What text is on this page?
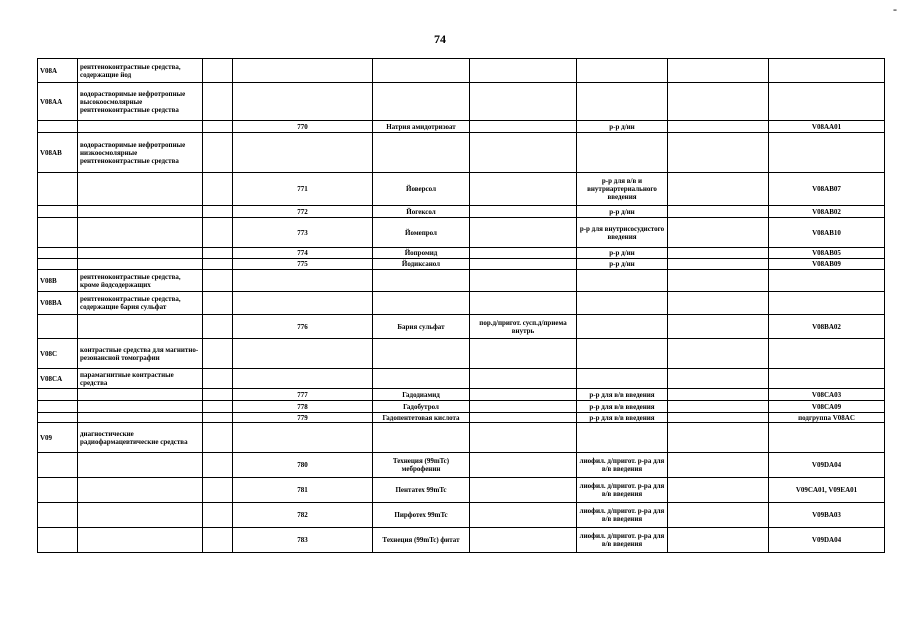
74
-
V08A	рентгеноконтрастные средства, содержащие йод								
V08AA	водорастворимые нефротропные высокоосмолярные рентгеноконтрастные средства								
			770	Натрия амидотризоат		р-р д/ин		V08AA01	
V08AB	водорастворимые нефротропные низкоосмолярные рентгеноконтрастные средства								
			771	Йоверсол		р-р для в/в и внутриартериального введения		V08AB07	
			772	Йогексол		р-р д/ин		V08AB02	
			773	Йомепрол		р-р для внутрисосудистого введения		V08AB10	
			774	Йопромид		р-р д/ин		V08AB05	
			775	Йодиксанол		р-р д/ин		V08AB09	
V08B	рентгеноконтрастные средства, кроме йодсодержащих								
V08BA	рентгеноконтрастные средства, содержащие бария сульфат								
			776	Бария сульфат	пор.д/пригот. сусп.д/приема внутрь			V08BA02	
V08C	контрастные средства для магнитно-резонансной томографии								
V08CA	парамагнитные контрастные средства								
			777	Гадодиамид		р-р для в/в введения		V08CA03	
			778	Гадобутрол		р-р для в/в введения		V08CA09	
			779	Гадопентетовая кислота		р-р для в/в введения		подгруппа V08AC	
V09	диагностические радиофармацевтические средства								
			780	Технеция (99mTc) меброфенин		лиофил. д/пригот. р-ра для в/в введения		V09DA04	
			781	Пентатех 99mTc		лиофил. д/пригот. р-ра для в/в введения		V09CA01, V09EA01	
			782	Пирфотех 99mTc		лиофил. д/пригот. р-ра для в/в введения		V09BA03	
			783	Технеция (99mTc) фитат		лиофил. д/пригот. р-ра для в/в введения		V09DA04	
